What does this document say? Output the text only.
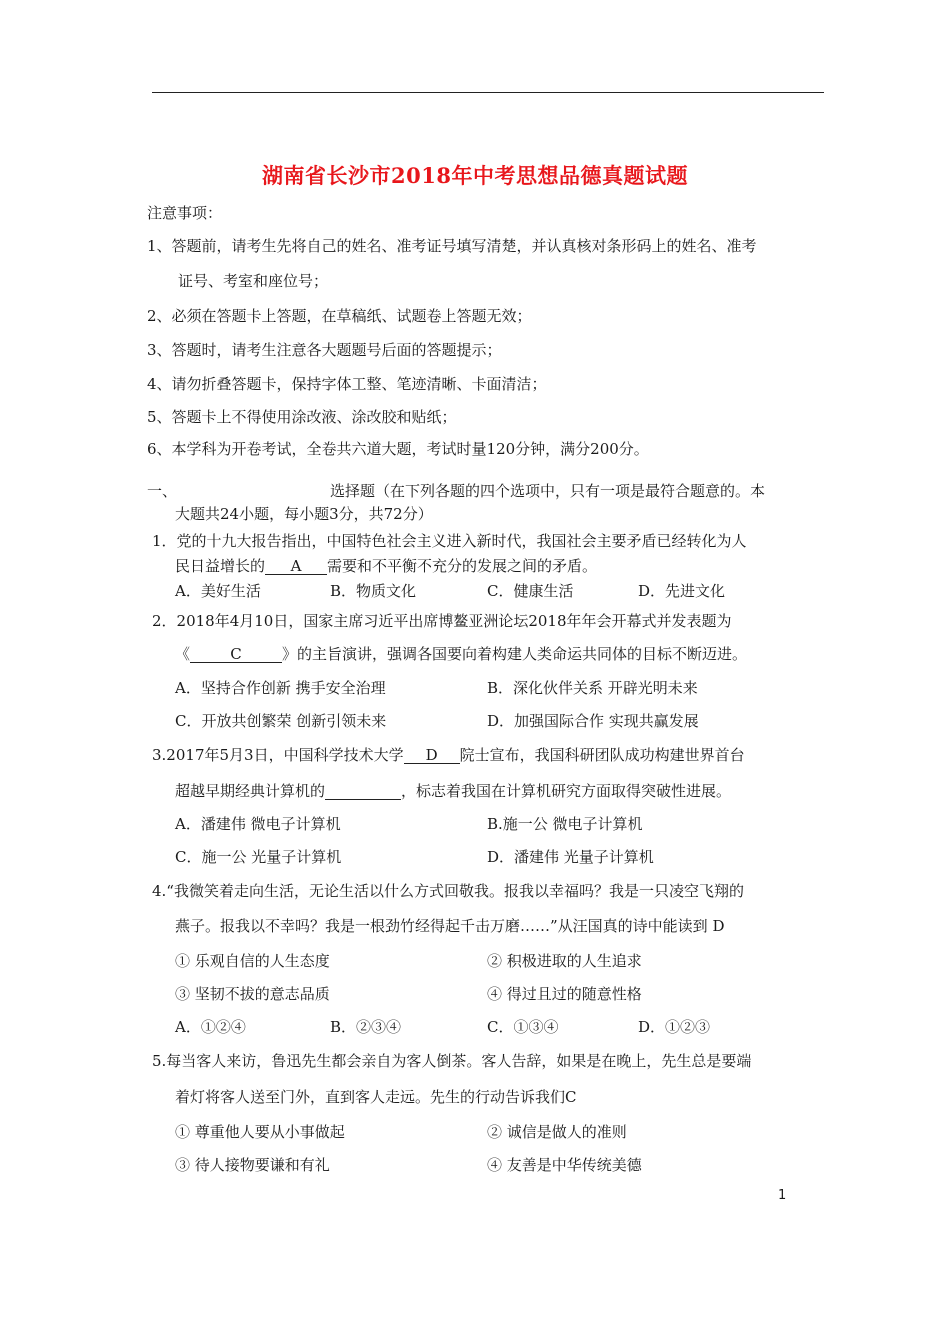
湖南省长沙市2018年中考思想品德真题试题
注意事项：
1、答题前，请考生先将自己的姓名、准考证号填写清楚，并认真核对条形码上的姓名、准考
证号、考室和座位号；
2、必须在答题卡上答题，在草稿纸、试题卷上答题无效；
3、答题时，请考生注意各大题题号后面的答题提示；
4、请勿折叠答题卡，保持字体工整、笔迹清晰、卡面清洁；
5、答题卡上不得使用涂改液、涂改胶和贴纸；
6、本学科为开卷考试，全卷共六道大题，考试时量120分钟，满分200分。
一、	选择题（在下列各题的四个选项中，只有一项是最符合题意的。本
大题共24小题，每小题3分，共72分）
1．党的十九大报告指出，中国特色社会主义进入新时代，我国社会主要矛盾已经转化为人
民日益增长的 A 需要和不平衡不充分的发展之间的矛盾。
A．美好生活	B．物质文化	C．健康生活	D．先进文化
2．2018年4月10日，国家主席习近平出席博鳌亚洲论坛2018年年会开幕式并发表题为
《	C	》的主旨演讲，强调各国要向着构建人类命运共同体的目标不断迈进。
A．坚持合作创新 携手安全治理	B．深化伙伴关系 开辟光明未来
C．开放共创繁荣 创新引领未来	D．加强国际合作 实现共赢发展
3.2017年5月3日，中国科学技术大学 D 院士宣布，我国科研团队成功构建世界首台
超越早期经典计算机的	，标志着我国在计算机研究方面取得突破性进展。
A．潘建伟 微电子计算机	B.施一公 微电子计算机
C．施一公 光量子计算机	D．潘建伟 光量子计算机
4.“我微笑着走向生活，无论生活以什么方式回敬我。报我以幸福吗？我是一只凌空飞翔的
燕子。报我以不幸吗？我是一根劲竹经得起千击万磨……”从汪国真的诗中能读到 D
① 乐观自信的人生态度	② 积极进取的人生追求
③ 坚韧不拔的意志品质	④ 得过且过的随意性格
A．①②④	B．②③④	C．①③④	D．①②③
5.每当客人来访，鲁迅先生都会亲自为客人倒茶。客人告辞，如果是在晚上，先生总是要端
着灯将客人送至门外，直到客人走远。先生的行动告诉我们C
① 尊重他人要从小事做起	② 诚信是做人的准则
③ 待人接物要谦和有礼	④ 友善是中华传统美德
1
